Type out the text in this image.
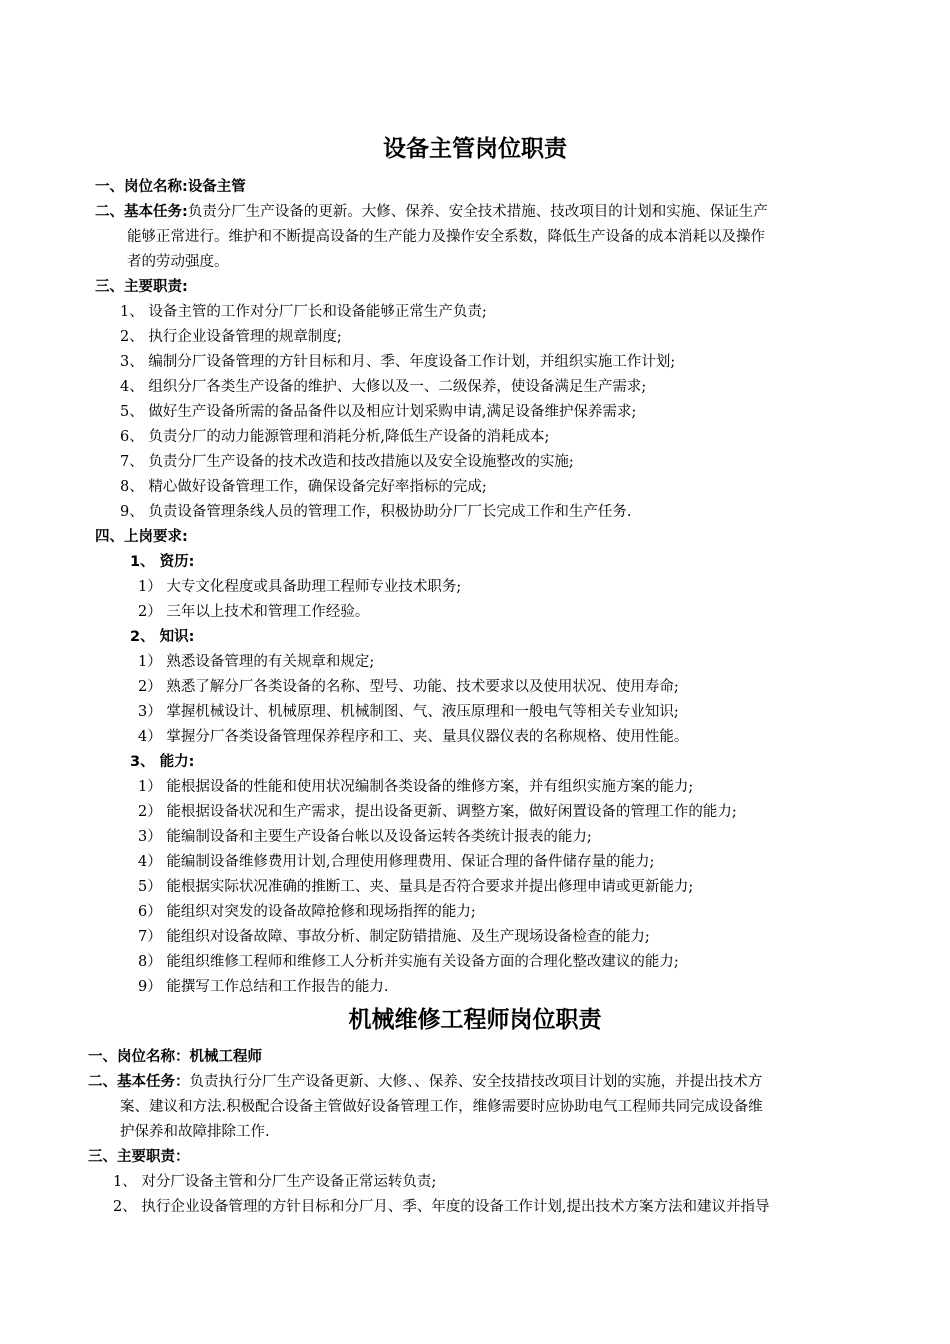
设备主管岗位职责
一、岗位名称:设备主管
二、基本任务:负责分厂生产设备的更新。大修、保养、安全技术措施、技改项目的计划和实施、保证生产
能够正常进行。维护和不断提高设备的生产能力及操作安全系数，降低生产设备的成本消耗以及操作
者的劳动强度。
三、主要职责:
1、 设备主管的工作对分厂厂长和设备能够正常生产负责;
2、 执行企业设备管理的规章制度;
3、 编制分厂设备管理的方针目标和月、季、年度设备工作计划，并组织实施工作计划;
4、 组织分厂各类生产设备的维护、大修以及一、二级保养，使设备满足生产需求;
5、 做好生产设备所需的备品备件以及相应计划采购申请,满足设备维护保养需求;
6、 负责分厂的动力能源管理和消耗分析,降低生产设备的消耗成本;
7、 负责分厂生产设备的技术改造和技改措施以及安全设施整改的实施;
8、 精心做好设备管理工作，确保设备完好率指标的完成;
9、 负责设备管理条线人员的管理工作，积极协助分厂厂长完成工作和生产任务.
四、上岗要求:
1、 资历:
1） 大专文化程度或具备助理工程师专业技术职务;
2） 三年以上技术和管理工作经验。
2、 知识:
1） 熟悉设备管理的有关规章和规定;
2） 熟悉了解分厂各类设备的名称、型号、功能、技术要求以及使用状况、使用寿命;
3） 掌握机械设计、机械原理、机械制图、气、液压原理和一般电气等相关专业知识;
4） 掌握分厂各类设备管理保养程序和工、夹、量具仪器仪表的名称规格、使用性能。
3、 能力:
1） 能根据设备的性能和使用状况编制各类设备的维修方案，并有组织实施方案的能力;
2） 能根据设备状况和生产需求，提出设备更新、调整方案，做好闲置设备的管理工作的能力;
3） 能编制设备和主要生产设备台帐以及设备运转各类统计报表的能力;
4） 能编制设备维修费用计划,合理使用修理费用、保证合理的备件储存量的能力;
5） 能根据实际状况准确的推断工、夹、量具是否符合要求并提出修理申请或更新能力;
6） 能组织对突发的设备故障抢修和现场指挥的能力;
7） 能组织对设备故障、事故分析、制定防错措施、及生产现场设备检查的能力;
8） 能组织维修工程师和维修工人分析并实施有关设备方面的合理化整改建议的能力;
9） 能撰写工作总结和工作报告的能力.
机械维修工程师岗位职责
一、岗位名称：机械工程师
二、基本任务：负责执行分厂生产设备更新、大修、、保养、安全技措技改项目计划的实施，并提出技术方
案、建议和方法.积极配合设备主管做好设备管理工作，维修需要时应协助电气工程师共同完成设备维
护保养和故障排除工作.
三、主要职责：
1、 对分厂设备主管和分厂生产设备正常运转负责;
2、 执行企业设备管理的方针目标和分厂月、季、年度的设备工作计划,提出技术方案方法和建议并指导
